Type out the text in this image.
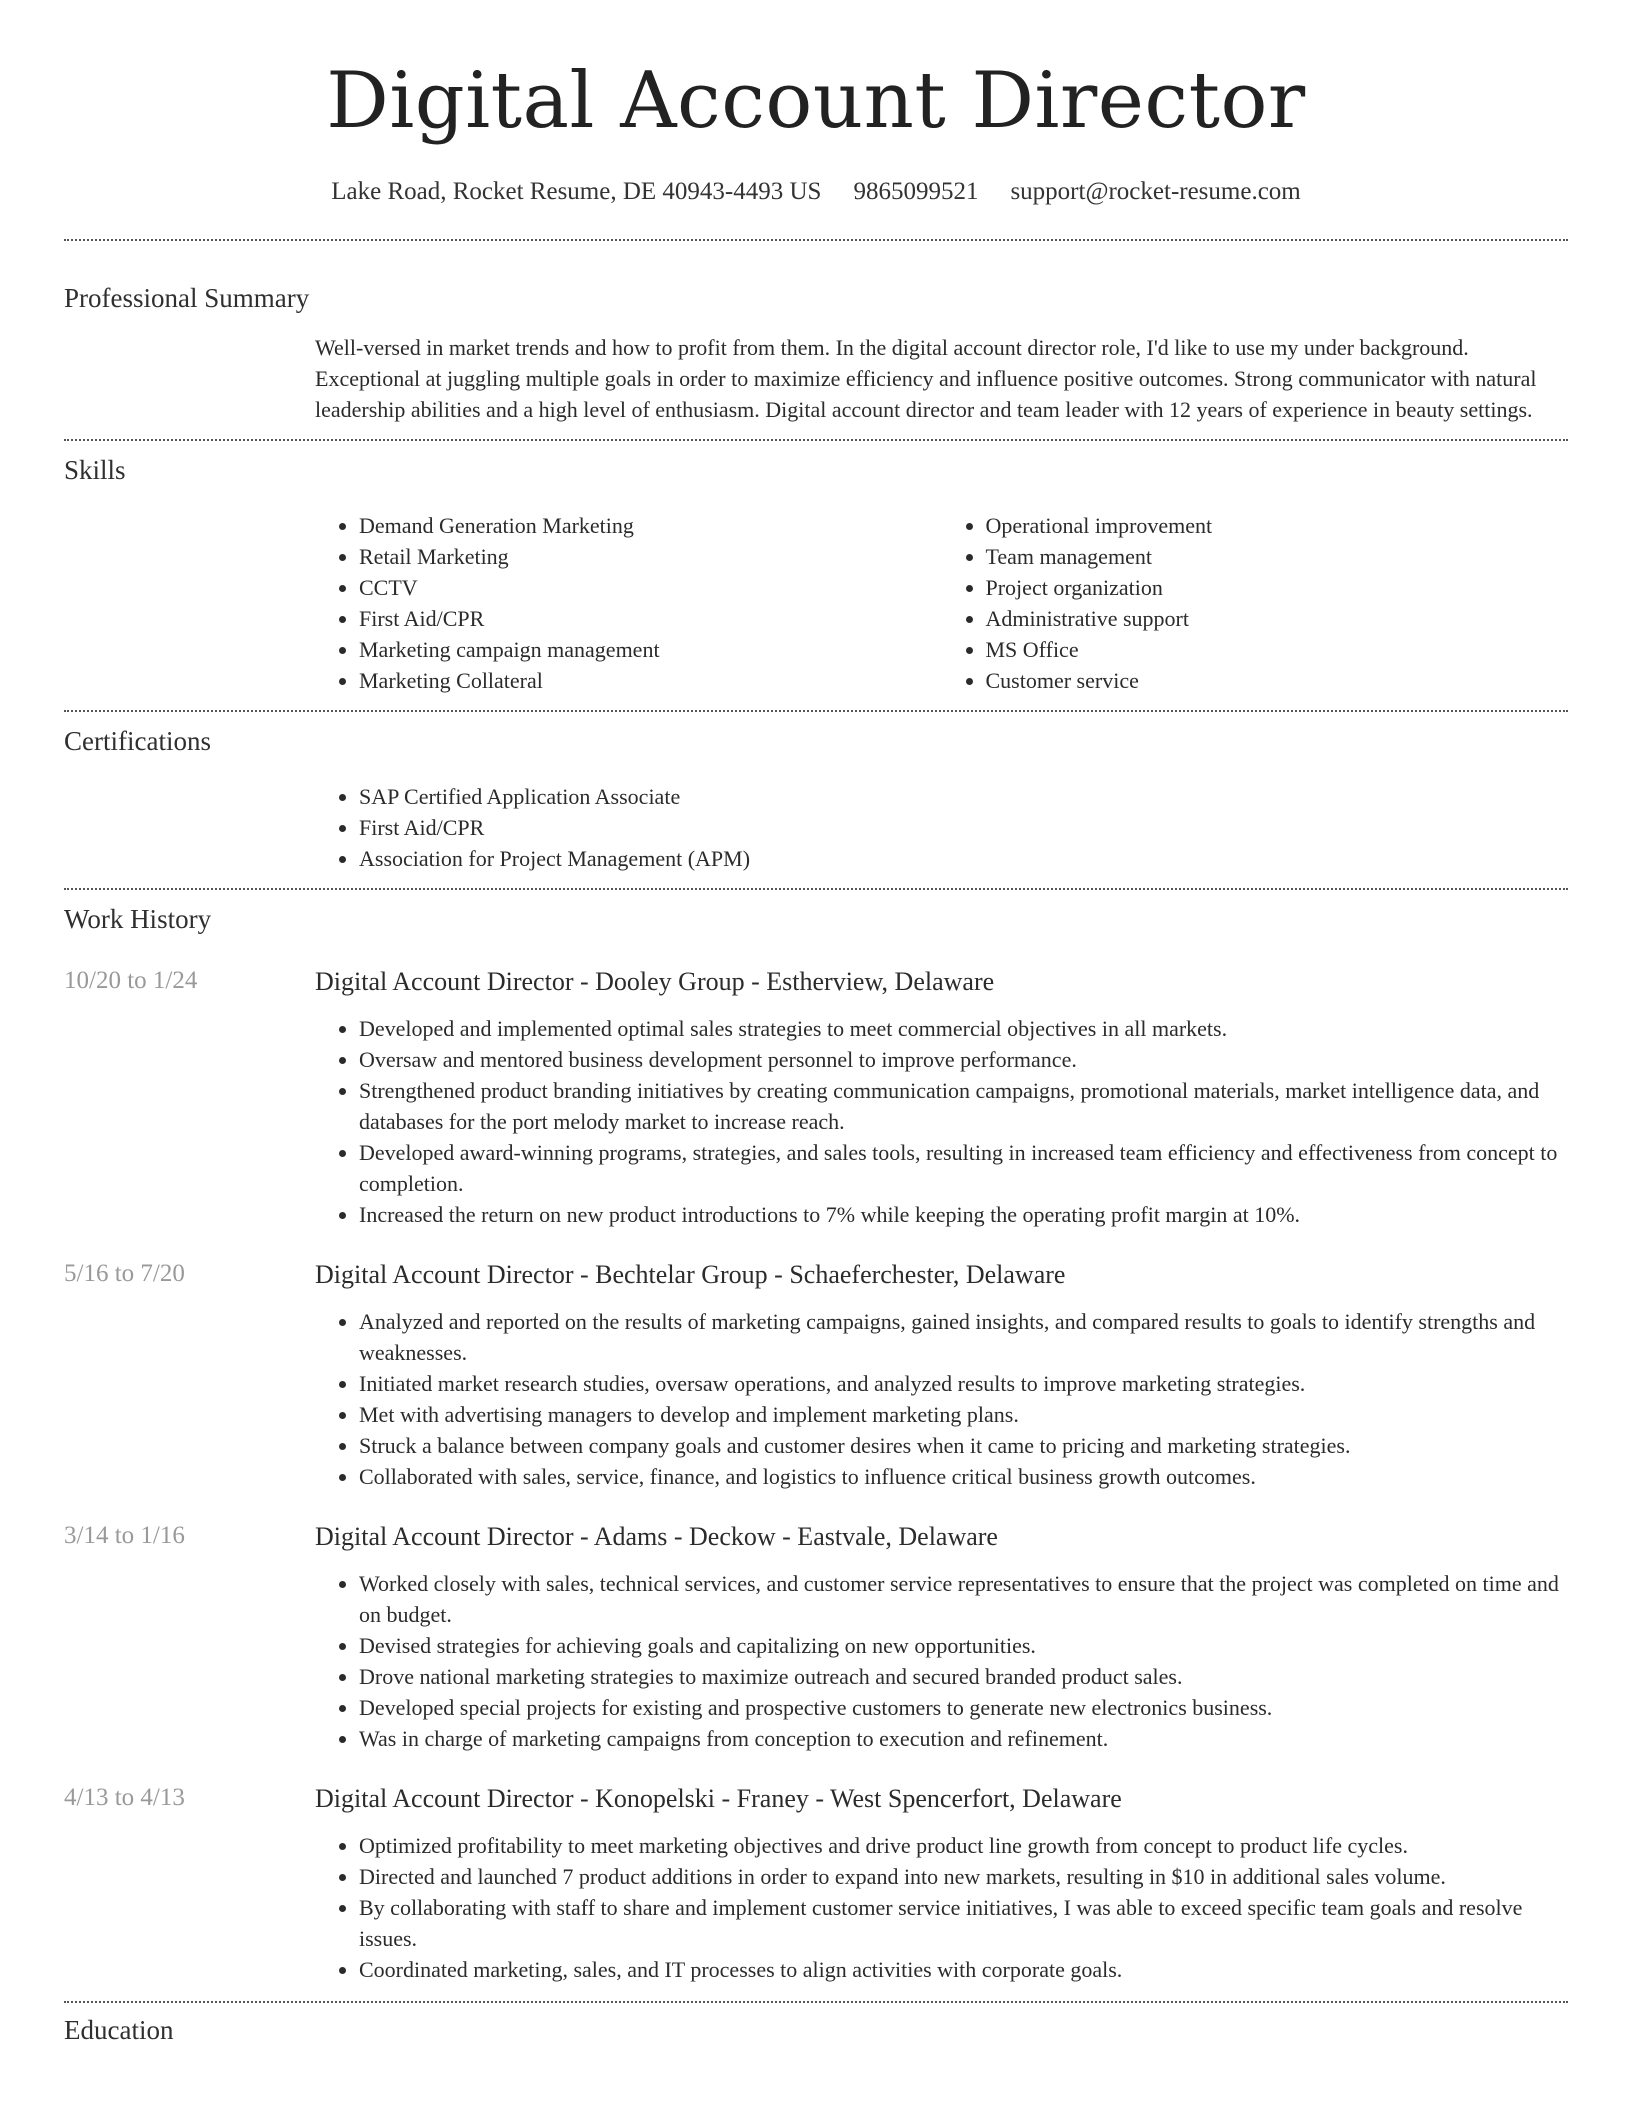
Digital Account Director
Lake Road, Rocket Resume, DE 40943-4493 US 9865099521 support@rocket-resume.com
Professional Summary
Well-versed in market trends and how to profit from them. In the digital account director role, I'd like to use my under background. Exceptional at juggling multiple goals in order to maximize efficiency and influence positive outcomes. Strong communicator with natural leadership abilities and a high level of enthusiasm. Digital account director and team leader with 12 years of experience in beauty settings.
Skills
• Demand Generation Marketing
• Retail Marketing
• CCTV
• First Aid/CPR
• Marketing campaign management
• Marketing Collateral
• Operational improvement
• Team management
• Project organization
• Administrative support
• MS Office
• Customer service
Certifications
• SAP Certified Application Associate
• First Aid/CPR
• Association for Project Management (APM)
Work History
10/20 to 1/24	Digital Account Director - Dooley Group - Estherview, Delaware
• Developed and implemented optimal sales strategies to meet commercial objectives in all markets.
• Oversaw and mentored business development personnel to improve performance.
• Strengthened product branding initiatives by creating communication campaigns, promotional materials, market intelligence data, and databases for the port melody market to increase reach.
• Developed award-winning programs, strategies, and sales tools, resulting in increased team efficiency and effectiveness from concept to completion.
• Increased the return on new product introductions to 7% while keeping the operating profit margin at 10%.
5/16 to 7/20	Digital Account Director - Bechtelar Group - Schaeferchester, Delaware
• Analyzed and reported on the results of marketing campaigns, gained insights, and compared results to goals to identify strengths and weaknesses.
• Initiated market research studies, oversaw operations, and analyzed results to improve marketing strategies.
• Met with advertising managers to develop and implement marketing plans.
• Struck a balance between company goals and customer desires when it came to pricing and marketing strategies.
• Collaborated with sales, service, finance, and logistics to influence critical business growth outcomes.
3/14 to 1/16	Digital Account Director - Adams - Deckow - Eastvale, Delaware
• Worked closely with sales, technical services, and customer service representatives to ensure that the project was completed on time and on budget.
• Devised strategies for achieving goals and capitalizing on new opportunities.
• Drove national marketing strategies to maximize outreach and secured branded product sales.
• Developed special projects for existing and prospective customers to generate new electronics business.
• Was in charge of marketing campaigns from conception to execution and refinement.
4/13 to 4/13	Digital Account Director - Konopelski - Franey - West Spencerfort, Delaware
• Optimized profitability to meet marketing objectives and drive product line growth from concept to product life cycles.
• Directed and launched 7 product additions in order to expand into new markets, resulting in $10 in additional sales volume.
• By collaborating with staff to share and implement customer service initiatives, I was able to exceed specific team goals and resolve issues.
• Coordinated marketing, sales, and IT processes to align activities with corporate goals.
Education
